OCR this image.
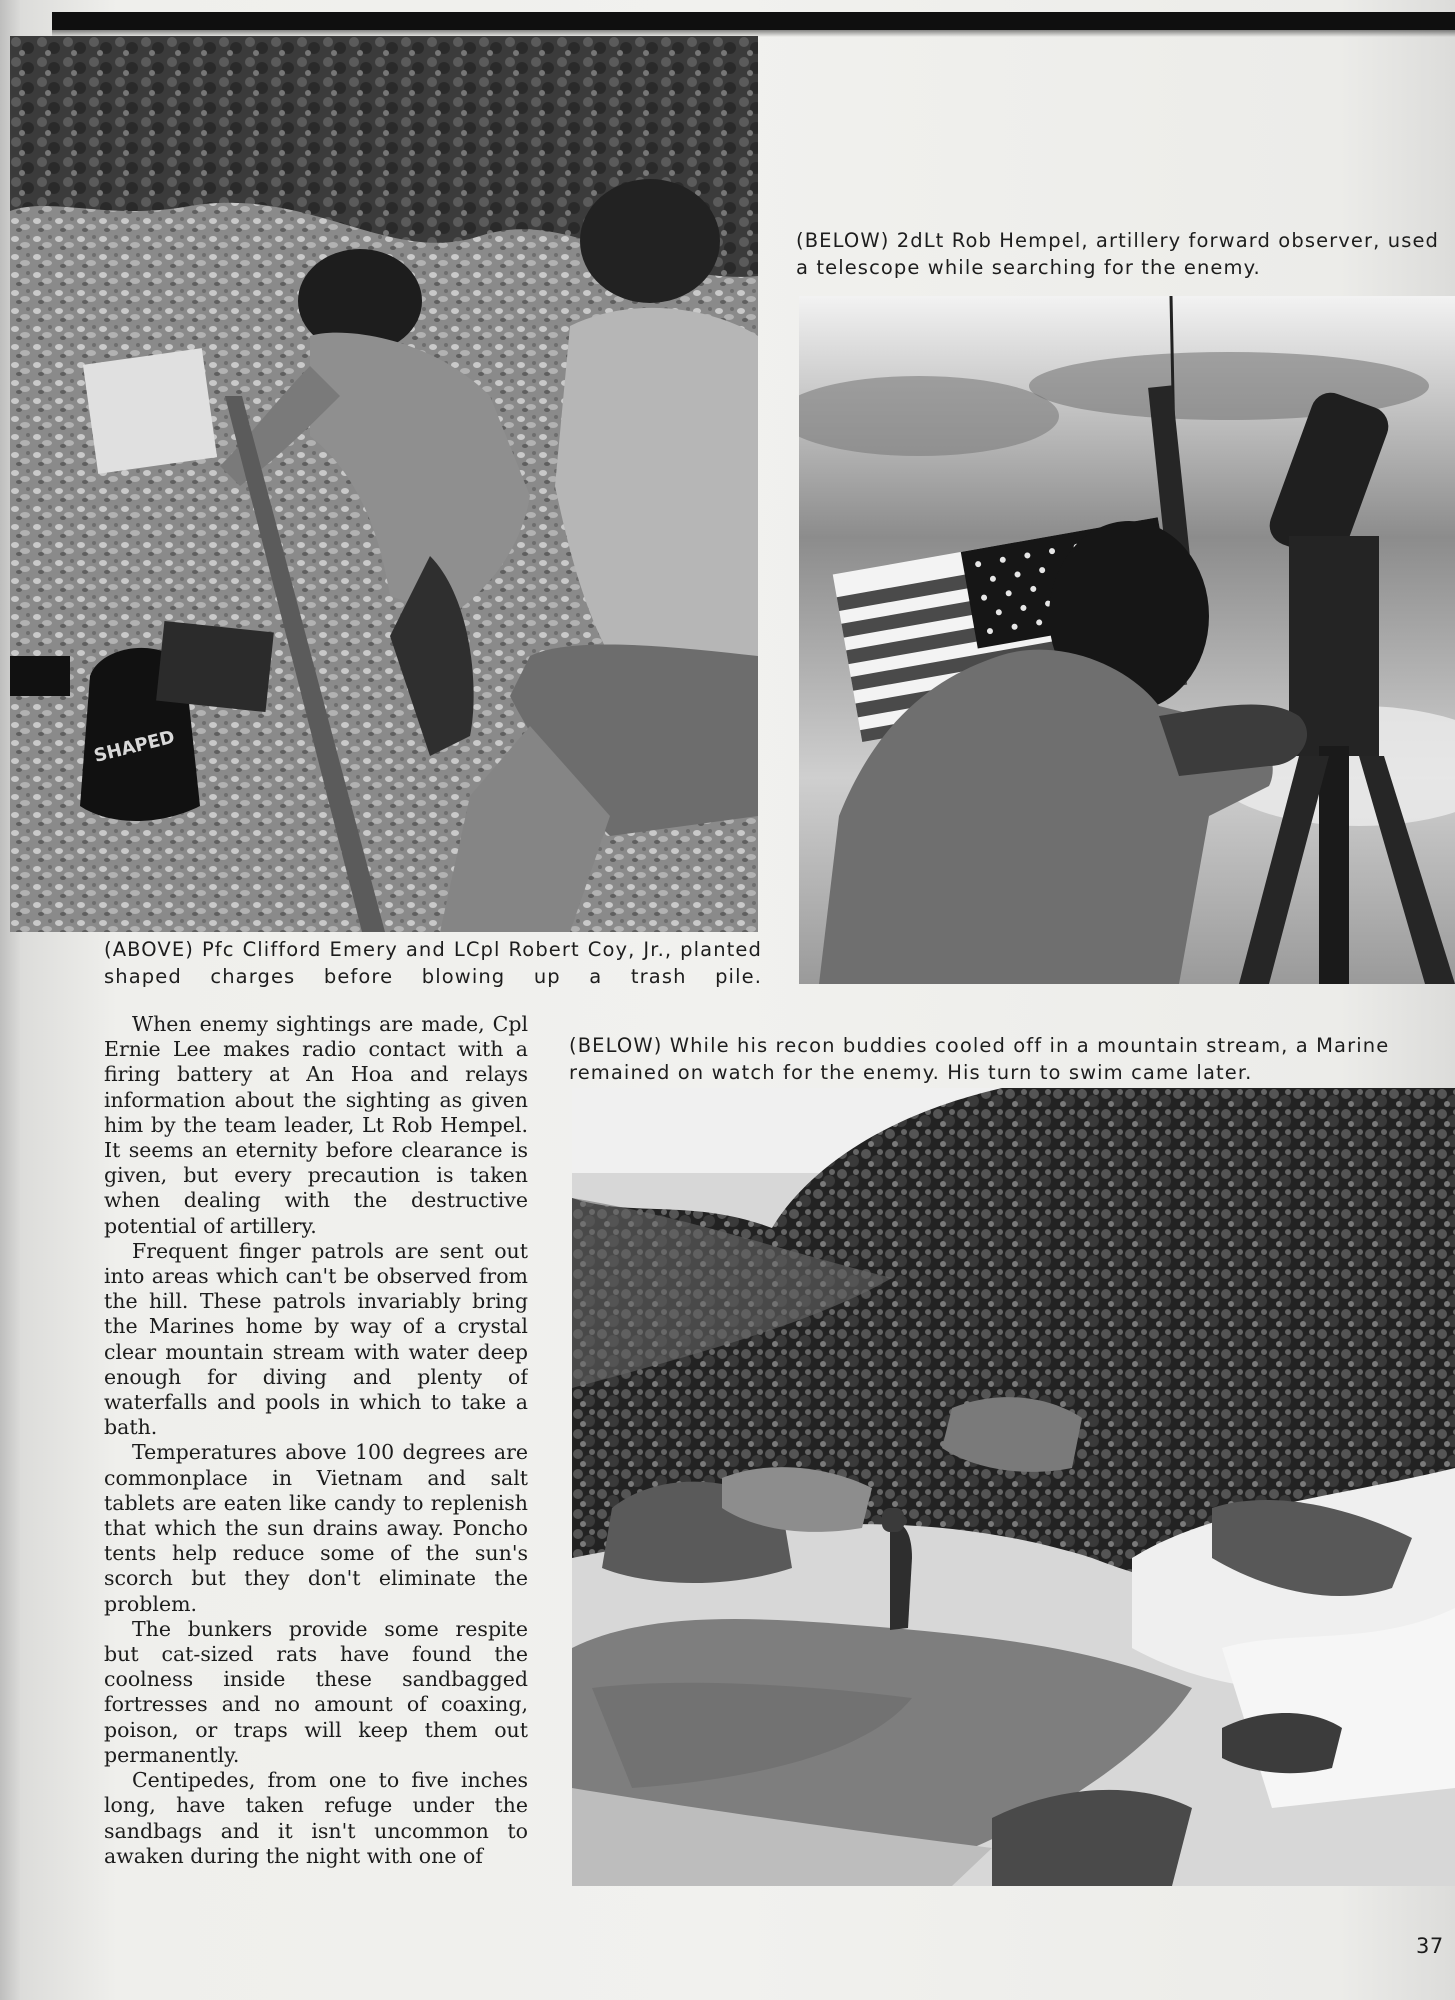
SHAPED

(ABOVE) Pfc Clifford Emery and LCpl Robert Coy, Jr., planted shaped charges before blowing up a trash pile.

(BELOW) 2dLt Rob Hempel, artillery forward observer, used a telescope while searching for the enemy.

(BELOW) While his recon buddies cooled off in a mountain stream, a Marine remained on watch for the enemy. His turn to swim came later.

When enemy sightings are made, Cpl Ernie Lee makes radio contact with a firing battery at An Hoa and relays information about the sighting as given him by the team leader, Lt Rob Hempel. It seems an eternity before clearance is given, but every precaution is taken when dealing with the destructive potential of artillery.

Frequent finger patrols are sent out into areas which can't be observed from the hill. These patrols invariably bring the Marines home by way of a crystal clear mountain stream with water deep enough for diving and plenty of waterfalls and pools in which to take a bath.

Temperatures above 100 degrees are commonplace in Vietnam and salt tablets are eaten like candy to replenish that which the sun drains away. Poncho tents help reduce some of the sun's scorch but they don't eliminate the problem.

The bunkers provide some respite but cat-sized rats have found the coolness inside these sandbagged fortresses and no amount of coaxing, poison, or traps will keep them out permanently.

Centipedes, from one to five inches long, have taken refuge under the sandbags and it isn't uncommon to awaken during the night with one of

37
